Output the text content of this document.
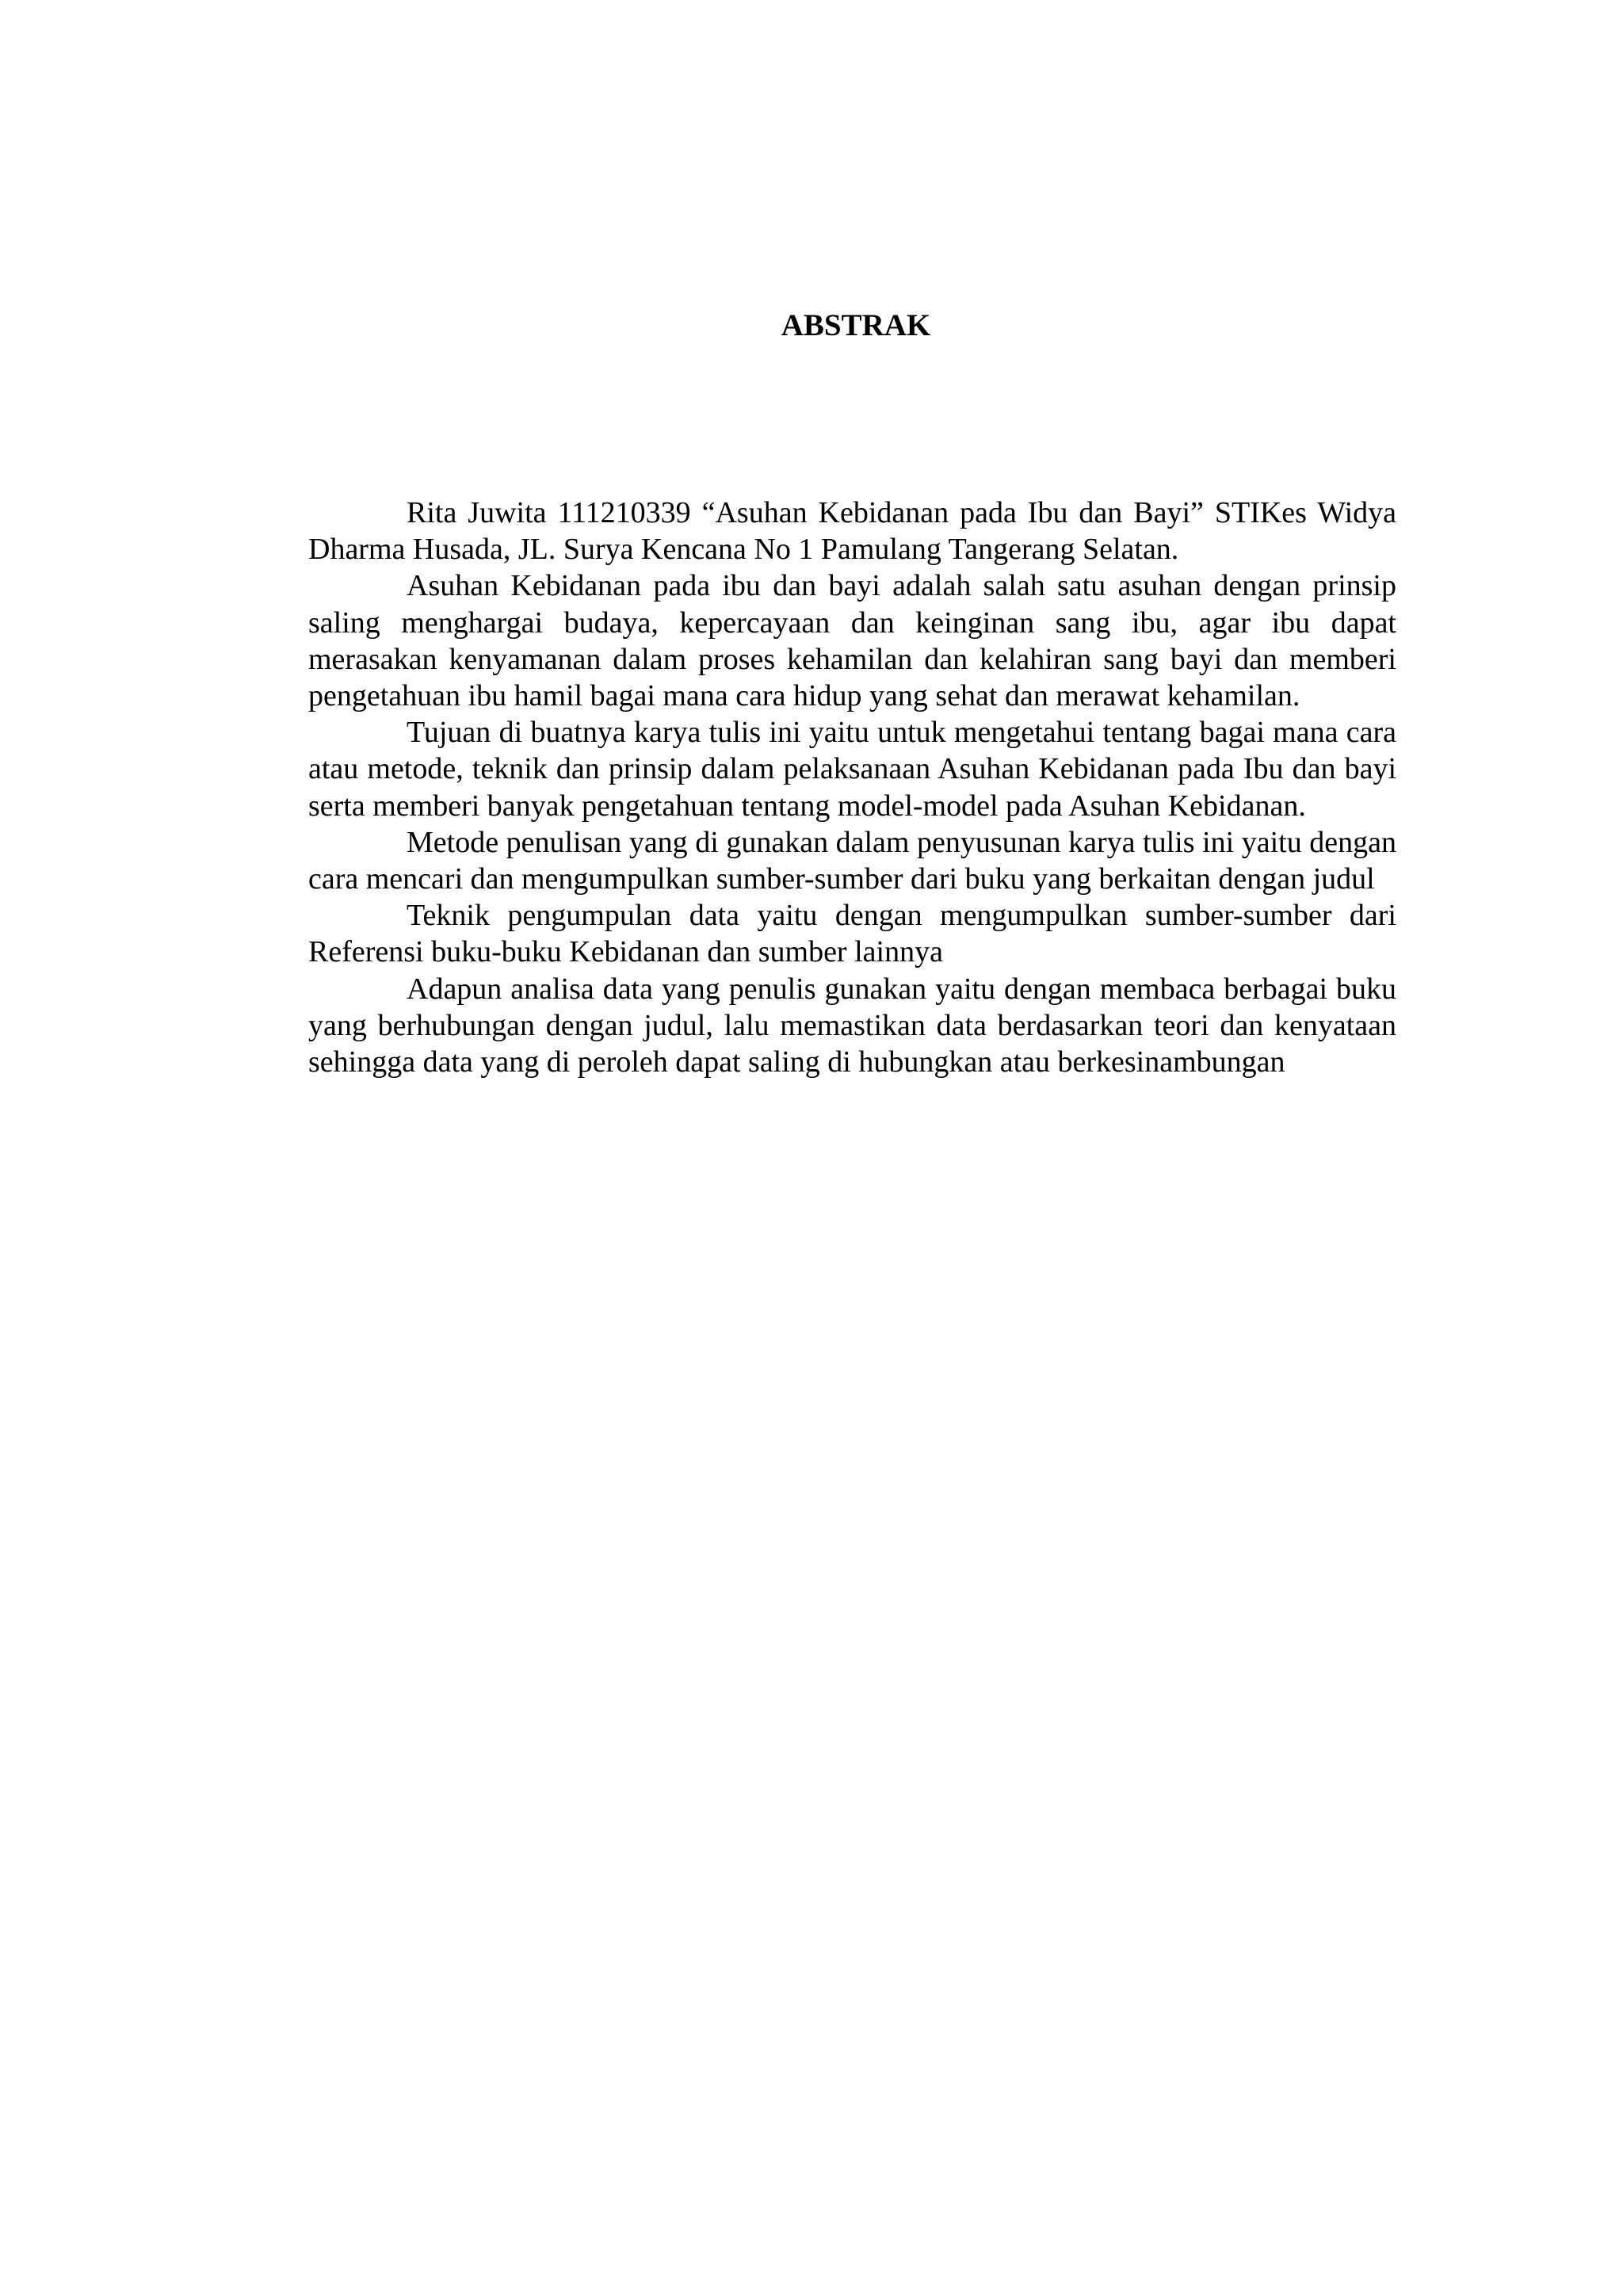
ABSTRAK

Rita Juwita 111210339 “Asuhan Kebidanan pada Ibu dan Bayi” STIKes Widya Dharma Husada, JL. Surya Kencana No 1 Pamulang Tangerang Selatan.

Asuhan Kebidanan pada ibu dan bayi adalah salah satu asuhan dengan prinsip saling menghargai budaya, kepercayaan dan keinginan sang ibu, agar ibu dapat merasakan kenyamanan dalam proses kehamilan dan kelahiran sang bayi dan memberi pengetahuan ibu hamil bagai mana cara hidup yang sehat dan merawat kehamilan.

Tujuan di buatnya karya tulis ini yaitu untuk mengetahui tentang bagai mana cara atau metode, teknik dan prinsip dalam pelaksanaan Asuhan Kebidanan pada Ibu dan bayi serta memberi banyak pengetahuan tentang model-model pada Asuhan Kebidanan.

Metode penulisan yang di gunakan dalam penyusunan karya tulis ini yaitu dengan cara mencari dan mengumpulkan sumber-sumber dari buku yang berkaitan dengan judul

Teknik pengumpulan data yaitu dengan mengumpulkan sumber-sumber dari Referensi buku-buku Kebidanan dan sumber lainnya

Adapun analisa data yang penulis gunakan yaitu dengan membaca berbagai buku yang berhubungan dengan judul, lalu memastikan data berdasarkan teori dan kenyataan sehingga data yang di peroleh dapat saling di hubungkan atau berkesinambungan
